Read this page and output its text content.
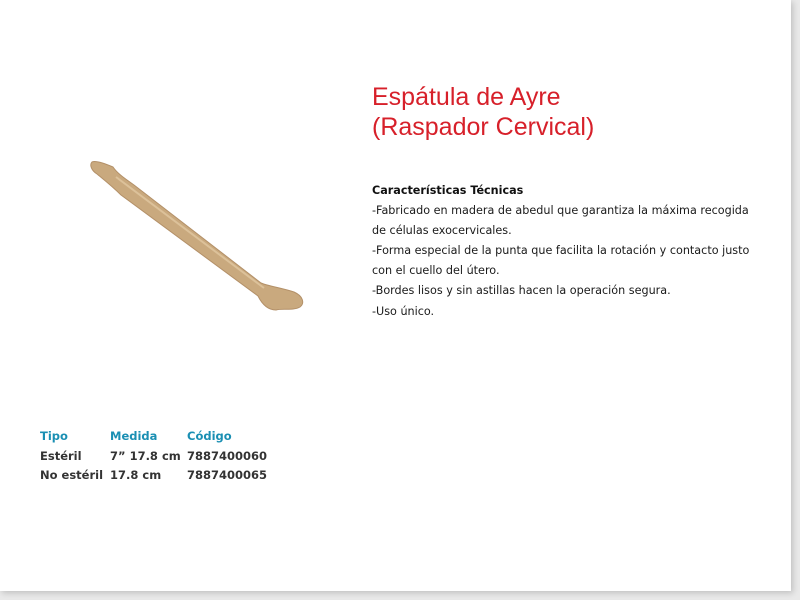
Espátula de Ayre
(Raspador Cervical)
Características Técnicas
-Fabricado en madera de abedul que garantiza la máxima recogida
de células exocervicales.
-Forma especial de la punta que facilita la rotación y contacto justo
con el cuello del útero.
-Bordes lisos y sin astillas hacen la operación segura.
-Uso único.
Tipo	Medida	Código
Estéril	7” 17.8 cm	7887400060
No estéril	17.8 cm	7887400065
